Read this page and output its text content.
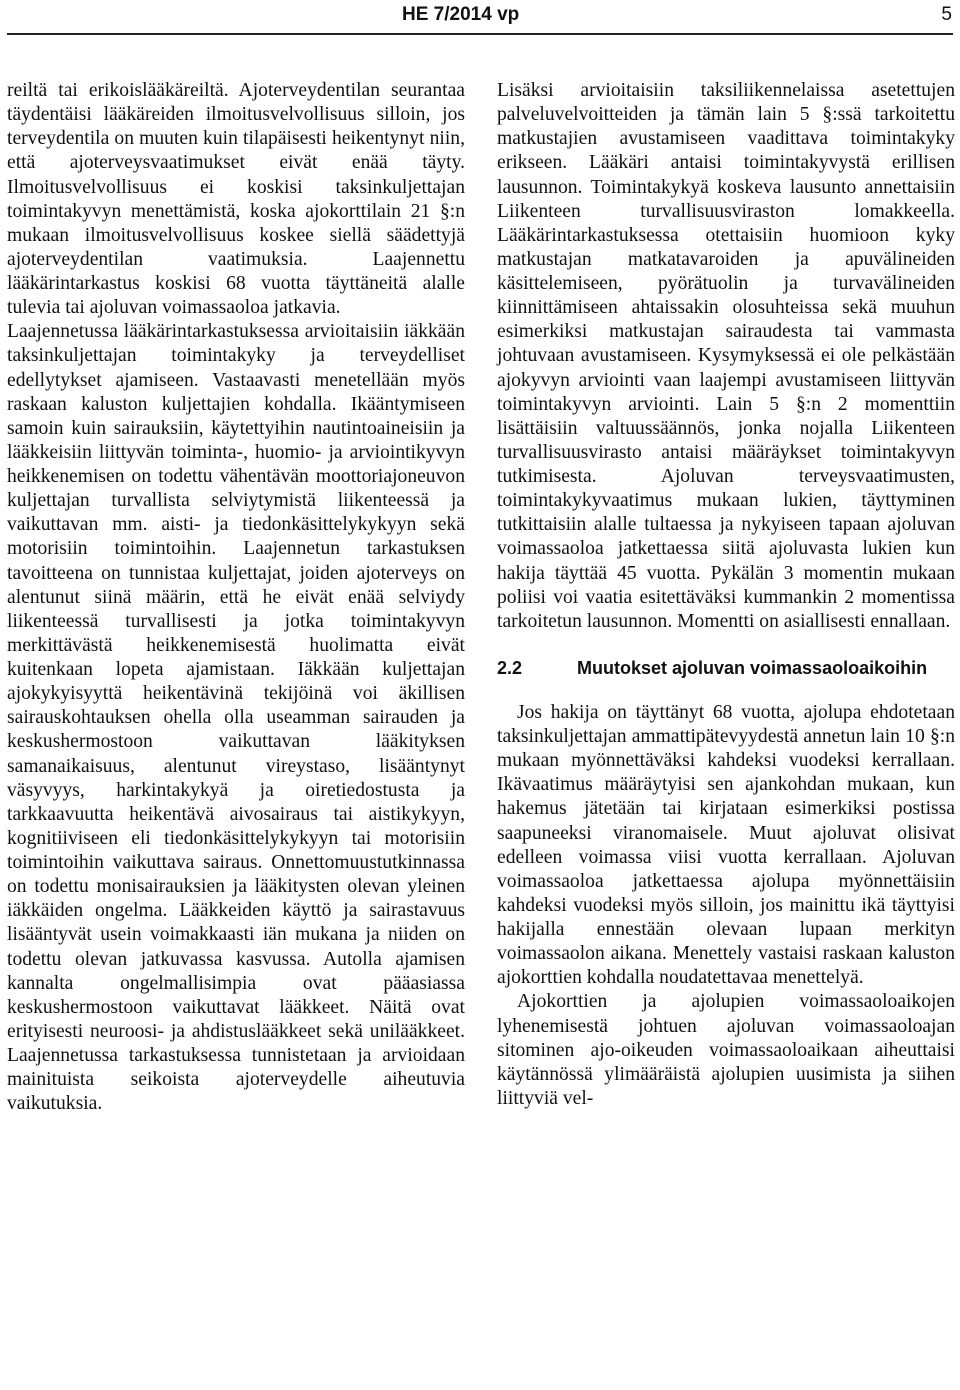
HE 7/2014 vp	5

reiltä tai erikoislääkäreiltä. Ajoterveydentilan seurantaa täydentäisi lääkäreiden ilmoitusvelvollisuus silloin, jos terveydentila on muuten kuin tilapäisesti heikentynyt niin, että ajoterveysvaatimukset eivät enää täyty. Ilmoitusvelvollisuus ei koskisi taksinkuljettajan toimintakyvyn menettämistä, koska ajokorttilain 21 §:n mukaan ilmoitusvelvollisuus koskee siellä säädettyjä ajoterveydentilan vaatimuksia. Laajennettu lääkärintarkastus koskisi 68 vuotta täyttäneitä alalle tulevia tai ajoluvan voimassaoloa jatkavia.

Laajennetussa lääkärintarkastuksessa arvioitaisiin iäkkään taksinkuljettajan toimintakyky ja terveydelliset edellytykset ajamiseen. Vastaavasti menetellään myös raskaan kaluston kuljettajien kohdalla. Ikääntymiseen samoin kuin sairauksiin, käytettyihin nautintoaineisiin ja lääkkeisiin liittyvän toiminta-, huomio- ja arviointikyvyn heikkenemisen on todettu vähentävän moottoriajoneuvon kuljettajan turvallista selviytymistä liikenteessä ja vaikuttavan mm. aisti- ja tiedonkäsittelykykyyn sekä motorisiin toimintoihin. Laajennetun tarkastuksen tavoitteena on tunnistaa kuljettajat, joiden ajoterveys on alentunut siinä määrin, että he eivät enää selviydy liikenteessä turvallisesti ja jotka toimintakyvyn merkittävästä heikkenemisestä huolimatta eivät kuitenkaan lopeta ajamistaan. Iäkkään kuljettajan ajokykyisyyttä heikentävinä tekijöinä voi äkillisen sairauskohtauksen ohella olla useamman sairauden ja keskushermostoon vaikuttavan lääkityksen samanaikaisuus, alentunut vireystaso, lisääntynyt väsyvyys, harkintakykyä ja oiretiedostusta ja tarkkaavuutta heikentävä aivosairaus tai aistikykyyn, kognitiiviseen eli tiedonkäsittelykykyyn tai motorisiin toimintoihin vaikuttava sairaus. Onnettomuustutkinnassa on todettu monisairauksien ja lääkitysten olevan yleinen iäkkäiden ongelma. Lääkkeiden käyttö ja sairastavuus lisääntyvät usein voimakkaasti iän mukana ja niiden on todettu olevan jatkuvassa kasvussa. Autolla ajamisen kannalta ongelmallisimpia ovat pääasiassa keskushermostoon vaikuttavat lääkkeet. Näitä ovat erityisesti neuroosi- ja ahdistuslääkkeet sekä unilääkkeet. Laajennetussa tarkastuksessa tunnistetaan ja arvioidaan mainituista seikoista ajoterveydelle aiheutuvia vaikutuksia.

Lisäksi arvioitaisiin taksiliikennelaissa asetettujen palveluvelvoitteiden ja tämän lain 5 §:ssä tarkoitettu matkustajien avustamiseen vaadittava toimintakyky erikseen. Lääkäri antaisi toimintakyvystä erillisen lausunnon. Toimintakykyä koskeva lausunto annettaisiin Liikenteen turvallisuusviraston lomakkeella. Lääkärintarkastuksessa otettaisiin huomioon kyky matkustajan matkatavaroiden ja apuvälineiden käsittelemiseen, pyörätuolin ja turvavälineiden kiinnittämiseen ahtaissakin olosuhteissa sekä muuhun esimerkiksi matkustajan sairaudesta tai vammasta johtuvaan avustamiseen. Kysymyksessä ei ole pelkästään ajokyvyn arviointi vaan laajempi avustamiseen liittyvän toimintakyvyn arviointi. Lain 5 §:n 2 momenttiin lisättäisiin valtuussäännös, jonka nojalla Liikenteen turvallisuusvirasto antaisi määräykset toimintakyvyn tutkimisesta. Ajoluvan terveysvaatimusten, toimintakykyvaatimus mukaan lukien, täyttyminen tutkittaisiin alalle tultaessa ja nykyiseen tapaan ajoluvan voimassaoloa jatkettaessa siitä ajoluvasta lukien kun hakija täyttää 45 vuotta. Pykälän 3 momentin mukaan poliisi voi vaatia esitettäväksi kummankin 2 momentissa tarkoitetun lausunnon. Momentti on asiallisesti ennallaan.

2.2	Muutokset ajoluvan voimassaoloaikoihin

Jos hakija on täyttänyt 68 vuotta, ajolupa ehdotetaan taksinkuljettajan ammattipätevyydestä annetun lain 10 §:n mukaan myönnettäväksi kahdeksi vuodeksi kerrallaan. Ikävaatimus määräytyisi sen ajankohdan mukaan, kun hakemus jätetään tai kirjataan esimerkiksi postissa saapuneeksi viranomaisele. Muut ajoluvat olisivat edelleen voimassa viisi vuotta kerrallaan. Ajoluvan voimassaoloa jatkettaessa ajolupa myönnettäisiin kahdeksi vuodeksi myös silloin, jos mainittu ikä täyttyisi hakijalla ennestään olevaan lupaan merkityn voimassaolon aikana. Menettely vastaisi raskaan kaluston ajokorttien kohdalla noudatettavaa menettelyä.

Ajokorttien ja ajolupien voimassaoloaikojen lyhenemisestä johtuen ajoluvan voimassaoloajan sitominen ajo-oikeuden voimassaoloaikaan aiheuttaisi käytännössä ylimääräistä ajolupien uusimista ja siihen liittyviä vel-
